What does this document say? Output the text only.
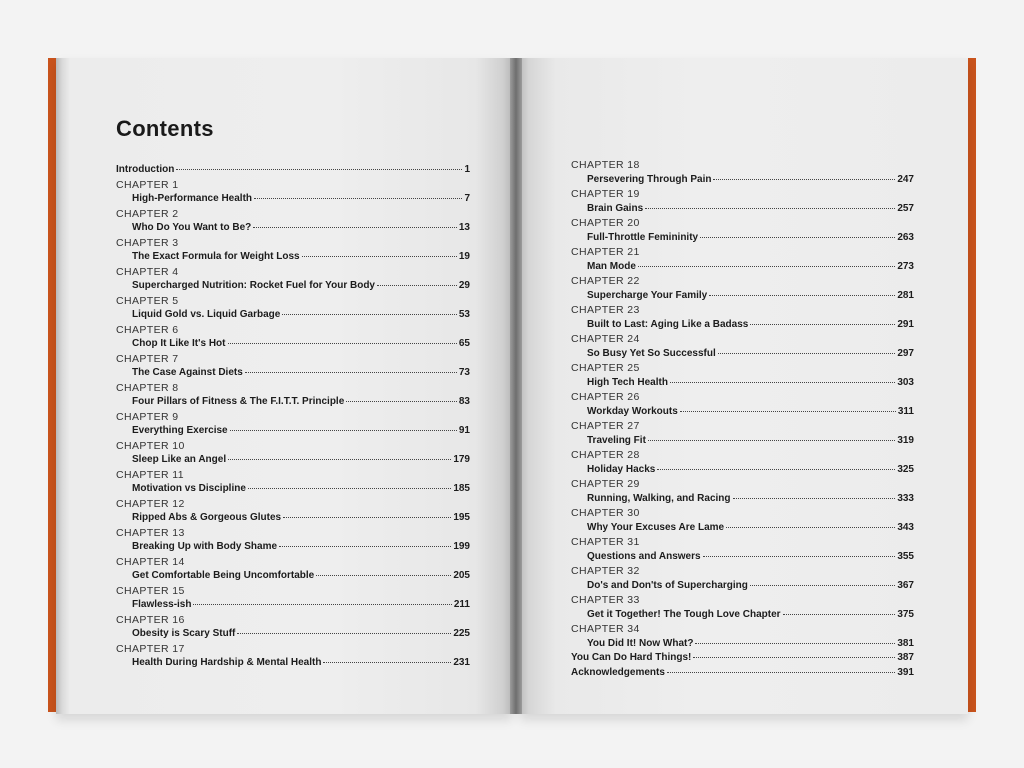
Contents
Introduction	1
CHAPTER 1
High-Performance Health	7
CHAPTER 2
Who Do You Want to Be?	13
CHAPTER 3
The Exact Formula for Weight Loss	19
CHAPTER 4
Supercharged Nutrition: Rocket Fuel for Your Body	29
CHAPTER 5
Liquid Gold vs. Liquid Garbage	53
CHAPTER 6
Chop It Like It's Hot	65
CHAPTER 7
The Case Against Diets	73
CHAPTER 8
Four Pillars of Fitness & The F.I.T.T. Principle	83
CHAPTER 9
Everything Exercise	91
CHAPTER 10
Sleep Like an Angel	179
CHAPTER 11
Motivation vs Discipline	185
CHAPTER 12
Ripped Abs & Gorgeous Glutes	195
CHAPTER 13
Breaking Up with Body Shame	199
CHAPTER 14
Get Comfortable Being Uncomfortable	205
CHAPTER 15
Flawless-ish	211
CHAPTER 16
Obesity is Scary Stuff	225
CHAPTER 17
Health During Hardship & Mental Health	231
CHAPTER 18
Persevering Through Pain	247
CHAPTER 19
Brain Gains	257
CHAPTER 20
Full-Throttle Femininity	263
CHAPTER 21
Man Mode	273
CHAPTER 22
Supercharge Your Family	281
CHAPTER 23
Built to Last: Aging Like a Badass	291
CHAPTER 24
So Busy Yet So Successful	297
CHAPTER 25
High Tech Health	303
CHAPTER 26
Workday Workouts	311
CHAPTER 27
Traveling Fit	319
CHAPTER 28
Holiday Hacks	325
CHAPTER 29
Running, Walking, and Racing	333
CHAPTER 30
Why Your Excuses Are Lame	343
CHAPTER 31
Questions and Answers	355
CHAPTER 32
Do's and Don'ts of Supercharging	367
CHAPTER 33
Get it Together! The Tough Love Chapter	375
CHAPTER 34
You Did It! Now What?	381
You Can Do Hard Things!	387
Acknowledgements	391
